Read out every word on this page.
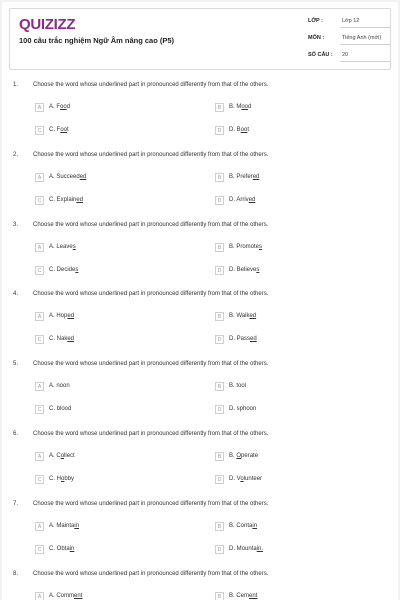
QUIZIZZ
100 câu trắc nghiệm Ngữ Âm nâng cao (P5)
LỚP :	Lớp 12
MÔN :	Tiếng Anh (mới)
SỐ CÂU : 20
1. Choose the word whose underlined part in pronounced differently from that of the others.
A	A. Food	B	B. Mood
C	C. Foot	D	D. Boot
2. Choose the word whose underlined part in pronounced differently from that of the others.
A	A. Succeeded	B	B. Prefered
C	C. Explained	D	D. Arrived
3. Choose the word whose underlined part in pronounced differently from that of the others.
A	A. Leaves	B	B. Promotes
C	C. Decides	D	D. Believes
4. Choose the word whose underlined part in pronounced differently from that of the others.
A	A. Hoped	B	B. Walked
C	C. Naked	D	D. Passed
5. Choose the word whose underlined part in pronounced differently from that of the others.
A	A. noon	B	B. tool
C	C. blood	D	D. sphoon
6. Choose the word whose underlined part in pronounced differently from that of the others.
A	A. Collect	B	B. Operate
C	C. Hobby	D	D. Volunteer
7. Choose the word whose underlined part in pronounced differently from that of the others.
A	A. Maintain	B	B. Contain
C	C. Obtain	D	D. Mountain.
8. Choose the word whose underlined part in pronounced differently from that of the others.
A	A. Comment	B	B. Cement
